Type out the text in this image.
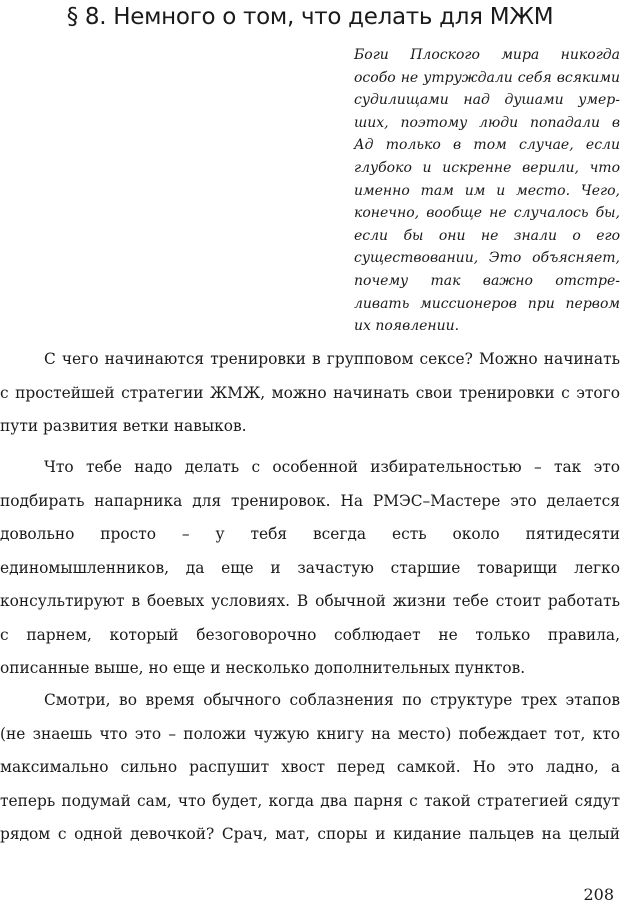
§ 8. Немного о том, что делать для МЖМ
Боги Плоского мира никогда
особо не утруждали себя всякими
судилищами над душами умер-
ших, поэтому люди попадали в
Ад только в том случае, если
глубоко и искренне верили, что
именно там им и место. Чего,
конечно, вообще не случалось бы,
если бы они не знали о его
существовании, Это объясняет,
почему так важно отстре-
ливать миссионеров при первом
их появлении.
С чего начинаются тренировки в групповом сексе? Можно начинать
с простейшей стратегии ЖМЖ, можно начинать свои тренировки с этого
пути развития ветки навыков.
Что тебе надо делать с особенной избирательностью – так это
подбирать напарника для тренировок. На РМЭС–Мастере это делается
довольно просто – у тебя всегда есть около пятидесяти
единомышленников, да еще и зачастую старшие товарищи легко
консультируют в боевых условиях. В обычной жизни тебе стоит работать
с парнем, который безоговорочно соблюдает не только правила,
описанные выше, но еще и несколько дополнительных пунктов.
Смотри, во время обычного соблазнения по структуре трех этапов
(не знаешь что это – положи чужую книгу на место) побеждает тот, кто
максимально сильно распушит хвост перед самкой. Но это ладно, а
теперь подумай сам, что будет, когда два парня с такой стратегией сядут
рядом с одной девочкой? Срач, мат, споры и кидание пальцев на целый
208
